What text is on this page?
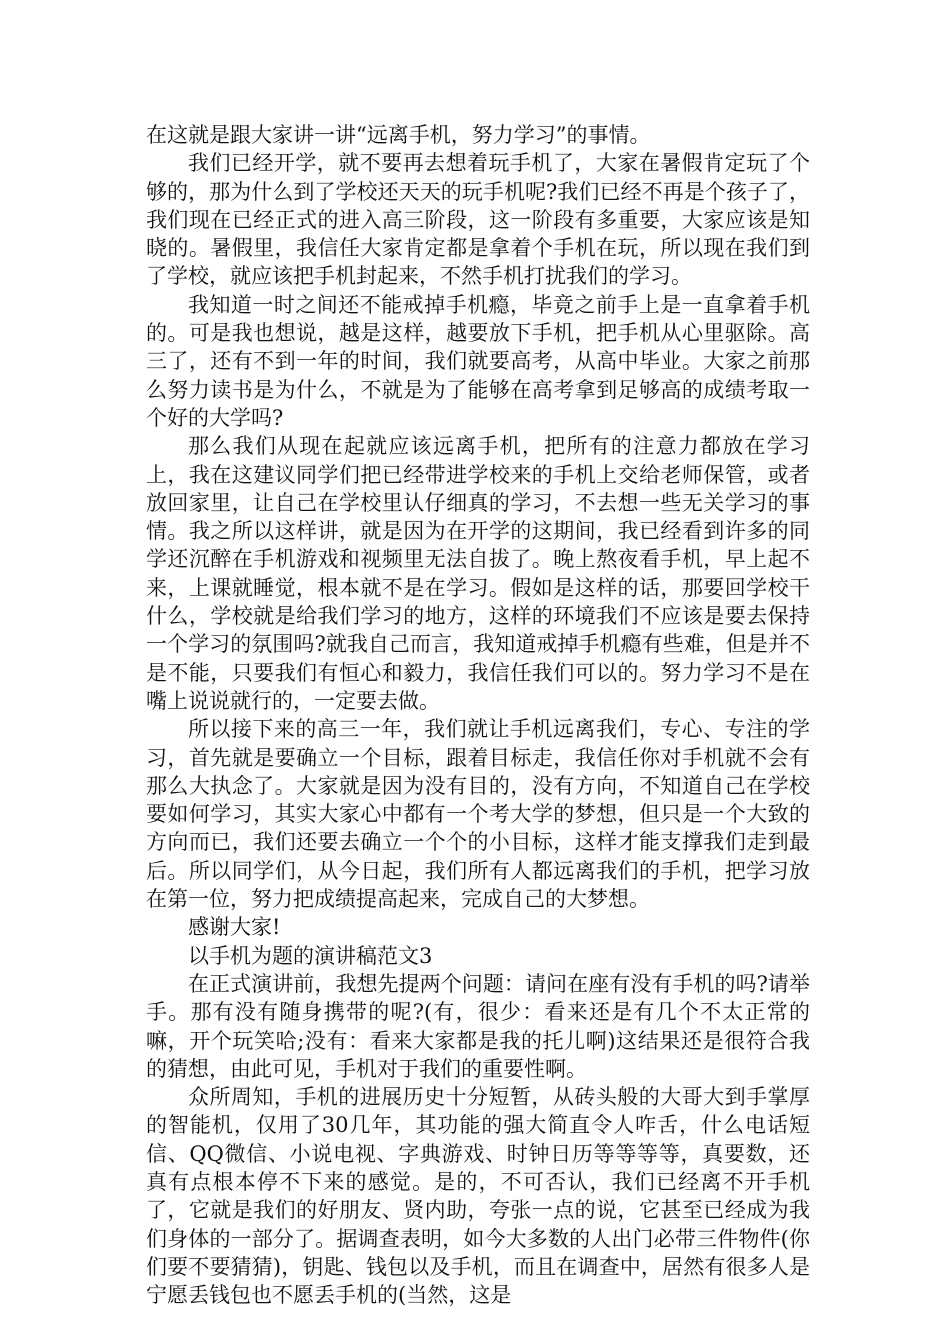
在这就是跟大家讲一讲“远离手机，努力学习”的事情。

我们已经开学，就不要再去想着玩手机了，大家在暑假肯定玩了个够的，那为什么到了学校还天天的玩手机呢?我们已经不再是个孩子了，我们现在已经正式的进入高三阶段，这一阶段有多重要，大家应该是知晓的。暑假里，我信任大家肯定都是拿着个手机在玩，所以现在我们到了学校，就应该把手机封起来，不然手机打扰我们的学习。

我知道一时之间还不能戒掉手机瘾，毕竟之前手上是一直拿着手机的。可是我也想说，越是这样，越要放下手机，把手机从心里驱除。高三了，还有不到一年的时间，我们就要高考，从高中毕业。大家之前那么努力读书是为什么，不就是为了能够在高考拿到足够高的成绩考取一个好的大学吗?

那么我们从现在起就应该远离手机，把所有的注意力都放在学习上，我在这建议同学们把已经带进学校来的手机上交给老师保管，或者放回家里，让自己在学校里认仔细真的学习，不去想一些无关学习的事情。我之所以这样讲，就是因为在开学的这期间，我已经看到许多的同学还沉醉在手机游戏和视频里无法自拔了。晚上熬夜看手机，早上起不来，上课就睡觉，根本就不是在学习。假如是这样的话，那要回学校干什么，学校就是给我们学习的地方，这样的环境我们不应该是要去保持一个学习的氛围吗?就我自己而言，我知道戒掉手机瘾有些难，但是并不是不能，只要我们有恒心和毅力，我信任我们可以的。努力学习不是在嘴上说说就行的，一定要去做。

所以接下来的高三一年，我们就让手机远离我们，专心、专注的学习，首先就是要确立一个目标，跟着目标走，我信任你对手机就不会有那么大执念了。大家就是因为没有目的，没有方向，不知道自己在学校要如何学习，其实大家心中都有一个考大学的梦想，但只是一个大致的方向而已，我们还要去确立一个个的小目标，这样才能支撑我们走到最后。所以同学们，从今日起，我们所有人都远离我们的手机，把学习放在第一位，努力把成绩提高起来，完成自己的大梦想。

感谢大家!

以手机为题的演讲稿范文3

在正式演讲前，我想先提两个问题：请问在座有没有手机的吗?请举手。那有没有随身携带的呢?(有，很少：看来还是有几个不太正常的嘛，开个玩笑哈;没有：看来大家都是我的托儿啊)这结果还是很符合我的猜想，由此可见，手机对于我们的重要性啊。

众所周知，手机的进展历史十分短暂，从砖头般的大哥大到手掌厚的智能机，仅用了30几年，其功能的强大简直令人咋舌，什么电话短信、QQ微信、小说电视、字典游戏、时钟日历等等等等，真要数，还真有点根本停不下来的感觉。是的，不可否认，我们已经离不开手机了，它就是我们的好朋友、贤内助，夸张一点的说，它甚至已经成为我们身体的一部分了。据调查表明，如今大多数的人出门必带三件物件(你们要不要猜猜)，钥匙、钱包以及手机，而且在调查中，居然有很多人是宁愿丢钱包也不愿丢手机的(当然，这是
